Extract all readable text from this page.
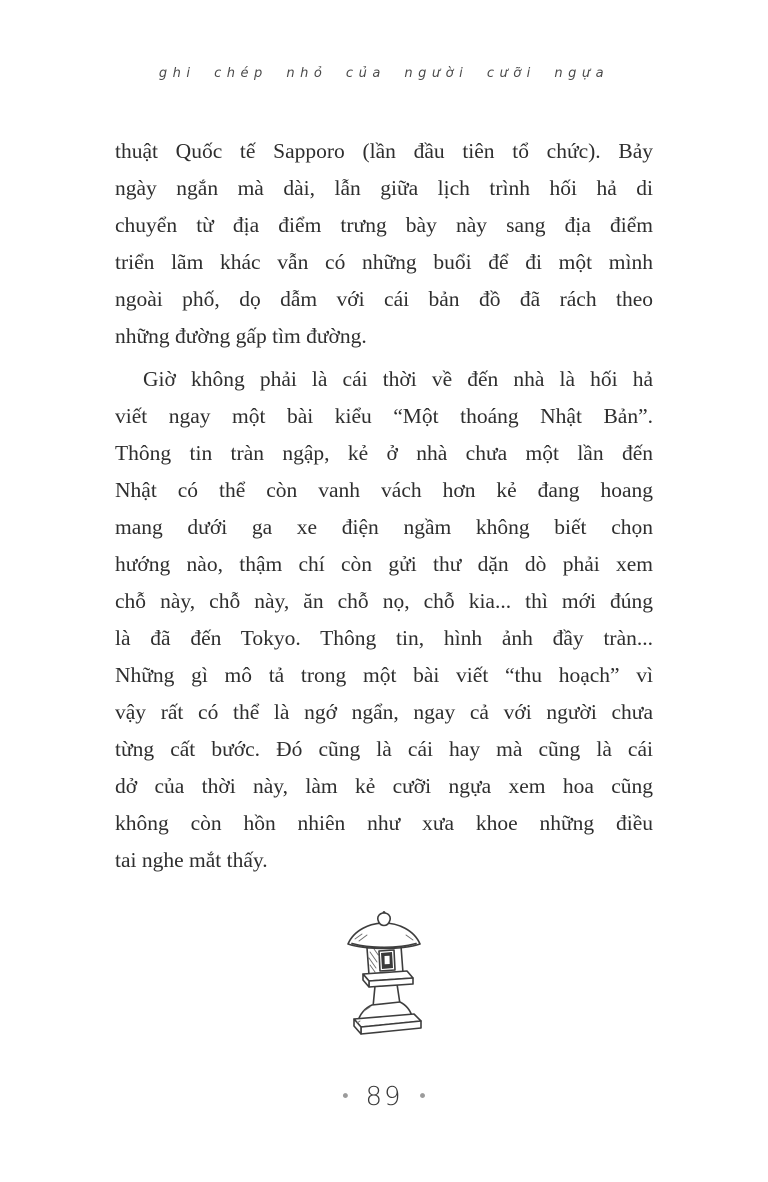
ghi chép nhỏ của người cưỡi ngựa
thuật Quốc tế Sapporo (lần đầu tiên tổ chức). Bảy
ngày ngắn mà dài, lẫn giữa lịch trình hối hả di
chuyển từ địa điểm trưng bày này sang địa điểm
triển lãm khác vẫn có những buổi để đi một mình
ngoài phố, dọ dẫm với cái bản đồ đã rách theo
những đường gấp tìm đường.
Giờ không phải là cái thời về đến nhà là hối hả
viết ngay một bài kiểu “Một thoáng Nhật Bản”.
Thông tin tràn ngập, kẻ ở nhà chưa một lần đến
Nhật có thể còn vanh vách hơn kẻ đang hoang
mang dưới ga xe điện ngầm không biết chọn
hướng nào, thậm chí còn gửi thư dặn dò phải xem
chỗ này, chỗ này, ăn chỗ nọ, chỗ kia... thì mới đúng
là đã đến Tokyo. Thông tin, hình ảnh đầy tràn...
Những gì mô tả trong một bài viết “thu hoạch” vì
vậy rất có thể là ngớ ngẩn, ngay cả với người chưa
từng cất bước. Đó cũng là cái hay mà cũng là cái
dở của thời này, làm kẻ cưỡi ngựa xem hoa cũng
không còn hồn nhiên như xưa khoe những điều
tai nghe mắt thấy.
• 89 •
